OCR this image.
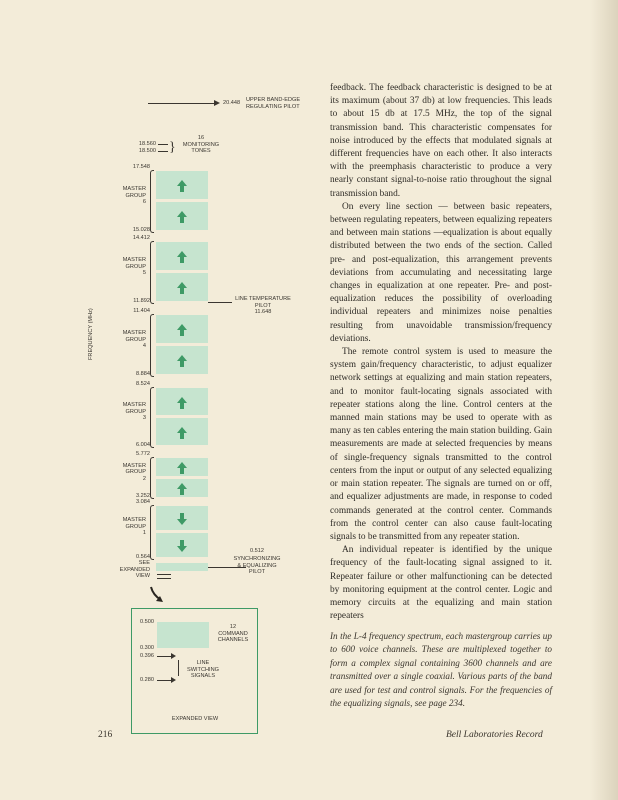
20.448 UPPER BAND-EDGE
REGULATING PILOT
18.560
18.500 }
16
MONITORING
TONES
FREQUENCY (MHz)
17.548
15.028
MASTER
GROUP
6
14.412
11.892
MASTER
GROUP
5
11.404
8.884
MASTER
GROUP
4
8.524
6.004
MASTER
GROUP
3
5.772
3.252
MASTER
GROUP
2
3.084
0.564
MASTER
GROUP
1
LINE TEMPERATURE
PILOT
11.648
0.512
SYNCHRONIZING
& EQUALIZING
PILOT
SEE
EXPANDED
VIEW
0.500
0.300
0.396
0.280
12
COMMAND
CHANNELS
LINE
SWITCHING
SIGNALS
EXPANDED VIEW

feedback. The feedback characteristic is designed to be at its maximum (about 37 db) at low frequencies. This leads to about 15 db at 17.5 MHz, the top of the signal transmission band. This characteristic compensates for noise introduced by the effects that modulated signals at different frequencies have on each other. It also interacts with the preemphasis characteristic to produce a very nearly constant signal-to-noise ratio throughout the signal transmission band.

On every line section — between basic repeaters, between regulating repeaters, between equalizing repeaters and between main stations —equalization is about equally distributed between the two ends of the section. Called pre- and post-equalization, this arrangement prevents deviations from accumulating and necessitating large changes in equalization at one repeater. Pre- and post-equalization reduces the possibility of overloading individual repeaters and minimizes noise penalties resulting from unavoidable transmission/frequency deviations.

The remote control system is used to measure the system gain/frequency characteristic, to adjust equalizer network settings at equalizing and main station repeaters, and to monitor fault-locating signals associated with repeater stations along the line. Control centers at the manned main stations may be used to operate with as many as ten cables entering the main station building. Gain measurements are made at selected frequencies by means of single-frequency signals transmitted to the control centers from the input or output of any selected equalizing or main station repeater. The signals are turned on or off, and equalizer adjustments are made, in response to coded commands generated at the control center. Commands from the control center can also cause fault-locating signals to be transmitted from any repeater station.

An individual repeater is identified by the unique frequency of the fault-locating signal assigned to it. Repeater failure or other malfunctioning can be detected by monitoring equipment at the control center. Logic and memory circuits at the equalizing and main station repeaters

In the L-4 frequency spectrum, each mastergroup carries up to 600 voice channels. These are multiplexed together to form a complex signal containing 3600 channels and are transmitted over a single coaxial. Various parts of the band are used for test and control signals. For the frequencies of the equalizing signals, see page 234.
216	Bell Laboratories Record
